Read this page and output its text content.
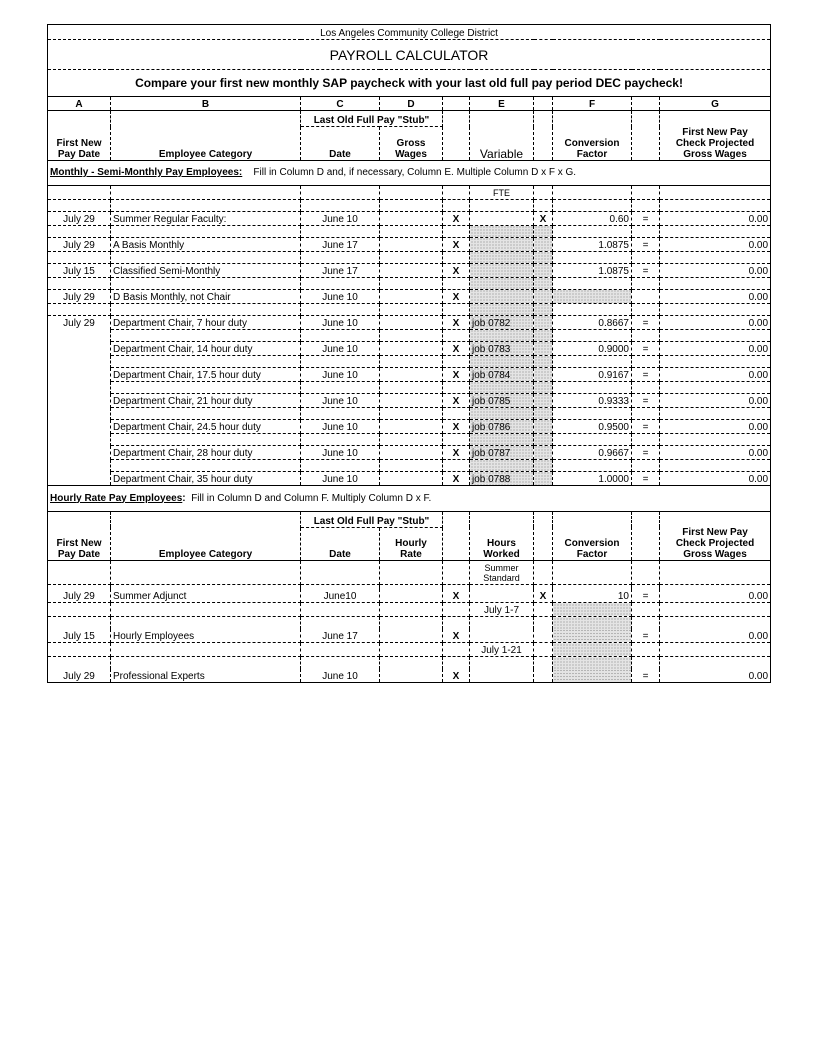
Los Angeles Community College District									
PAYROLL CALCULATOR									
Compare your first new monthly SAP paycheck with your last old full pay period DEC paycheck!									
A	B	C	D		E		F		G
		Last Old Full Pay "Stub"							
First New
Pay Date	Employee Category	Date	Gross
Wages		Variable		Conversion
Factor		First New Pay
Check Projected
Gross Wages
Monthly - Semi-Monthly Pay Employees: Fill in Column D and, if necessary, Column E. Multiple Column D x F x G.									
					FTE				

July 29	Summer Regular Faculty:	June 10		X		X	0.60	=	0.00

July 29	A Basis Monthly	June 17		X			1.0875	=	0.00

July 15	Classified Semi-Monthly	June 17		X			1.0875	=	0.00

July 29	D Basis Monthly, not Chair	June 10		X					0.00

July 29	Department Chair, 7 hour duty	June 10		X	job 0782		0.8667	=	0.00

	Department Chair, 14 hour duty	June 10		X	job 0783		0.9000	=	0.00

	Department Chair, 17.5 hour duty	June 10		X	job 0784		0.9167	=	0.00

	Department Chair, 21 hour duty	June 10		X	job 0785		0.9333	=	0.00

	Department Chair, 24.5 hour duty	June 10		X	job 0786		0.9500	=	0.00

	Department Chair, 28 hour duty	June 10		X	job 0787		0.9667	=	0.00

	Department Chair, 35 hour duty	June 10		X	job 0788		1.0000	=	0.00
Hourly Rate Pay Employees: Fill in Column D and Column F. Multiply Column D x F.									
		Last Old Full Pay "Stub"							
First New
Pay Date	Employee Category	Date	Hourly
Rate		Hours
Worked		Conversion
Factor		First New Pay
Check Projected
Gross Wages
					Summer
Standard				

July 29	Summer Adjunct	June10		X		X	10	=	0.00
					July 1-7				

July 15	Hourly Employees	June 17		X				=	0.00
					July 1-21				

July 29	Professional Experts	June 10		X				=	0.00
